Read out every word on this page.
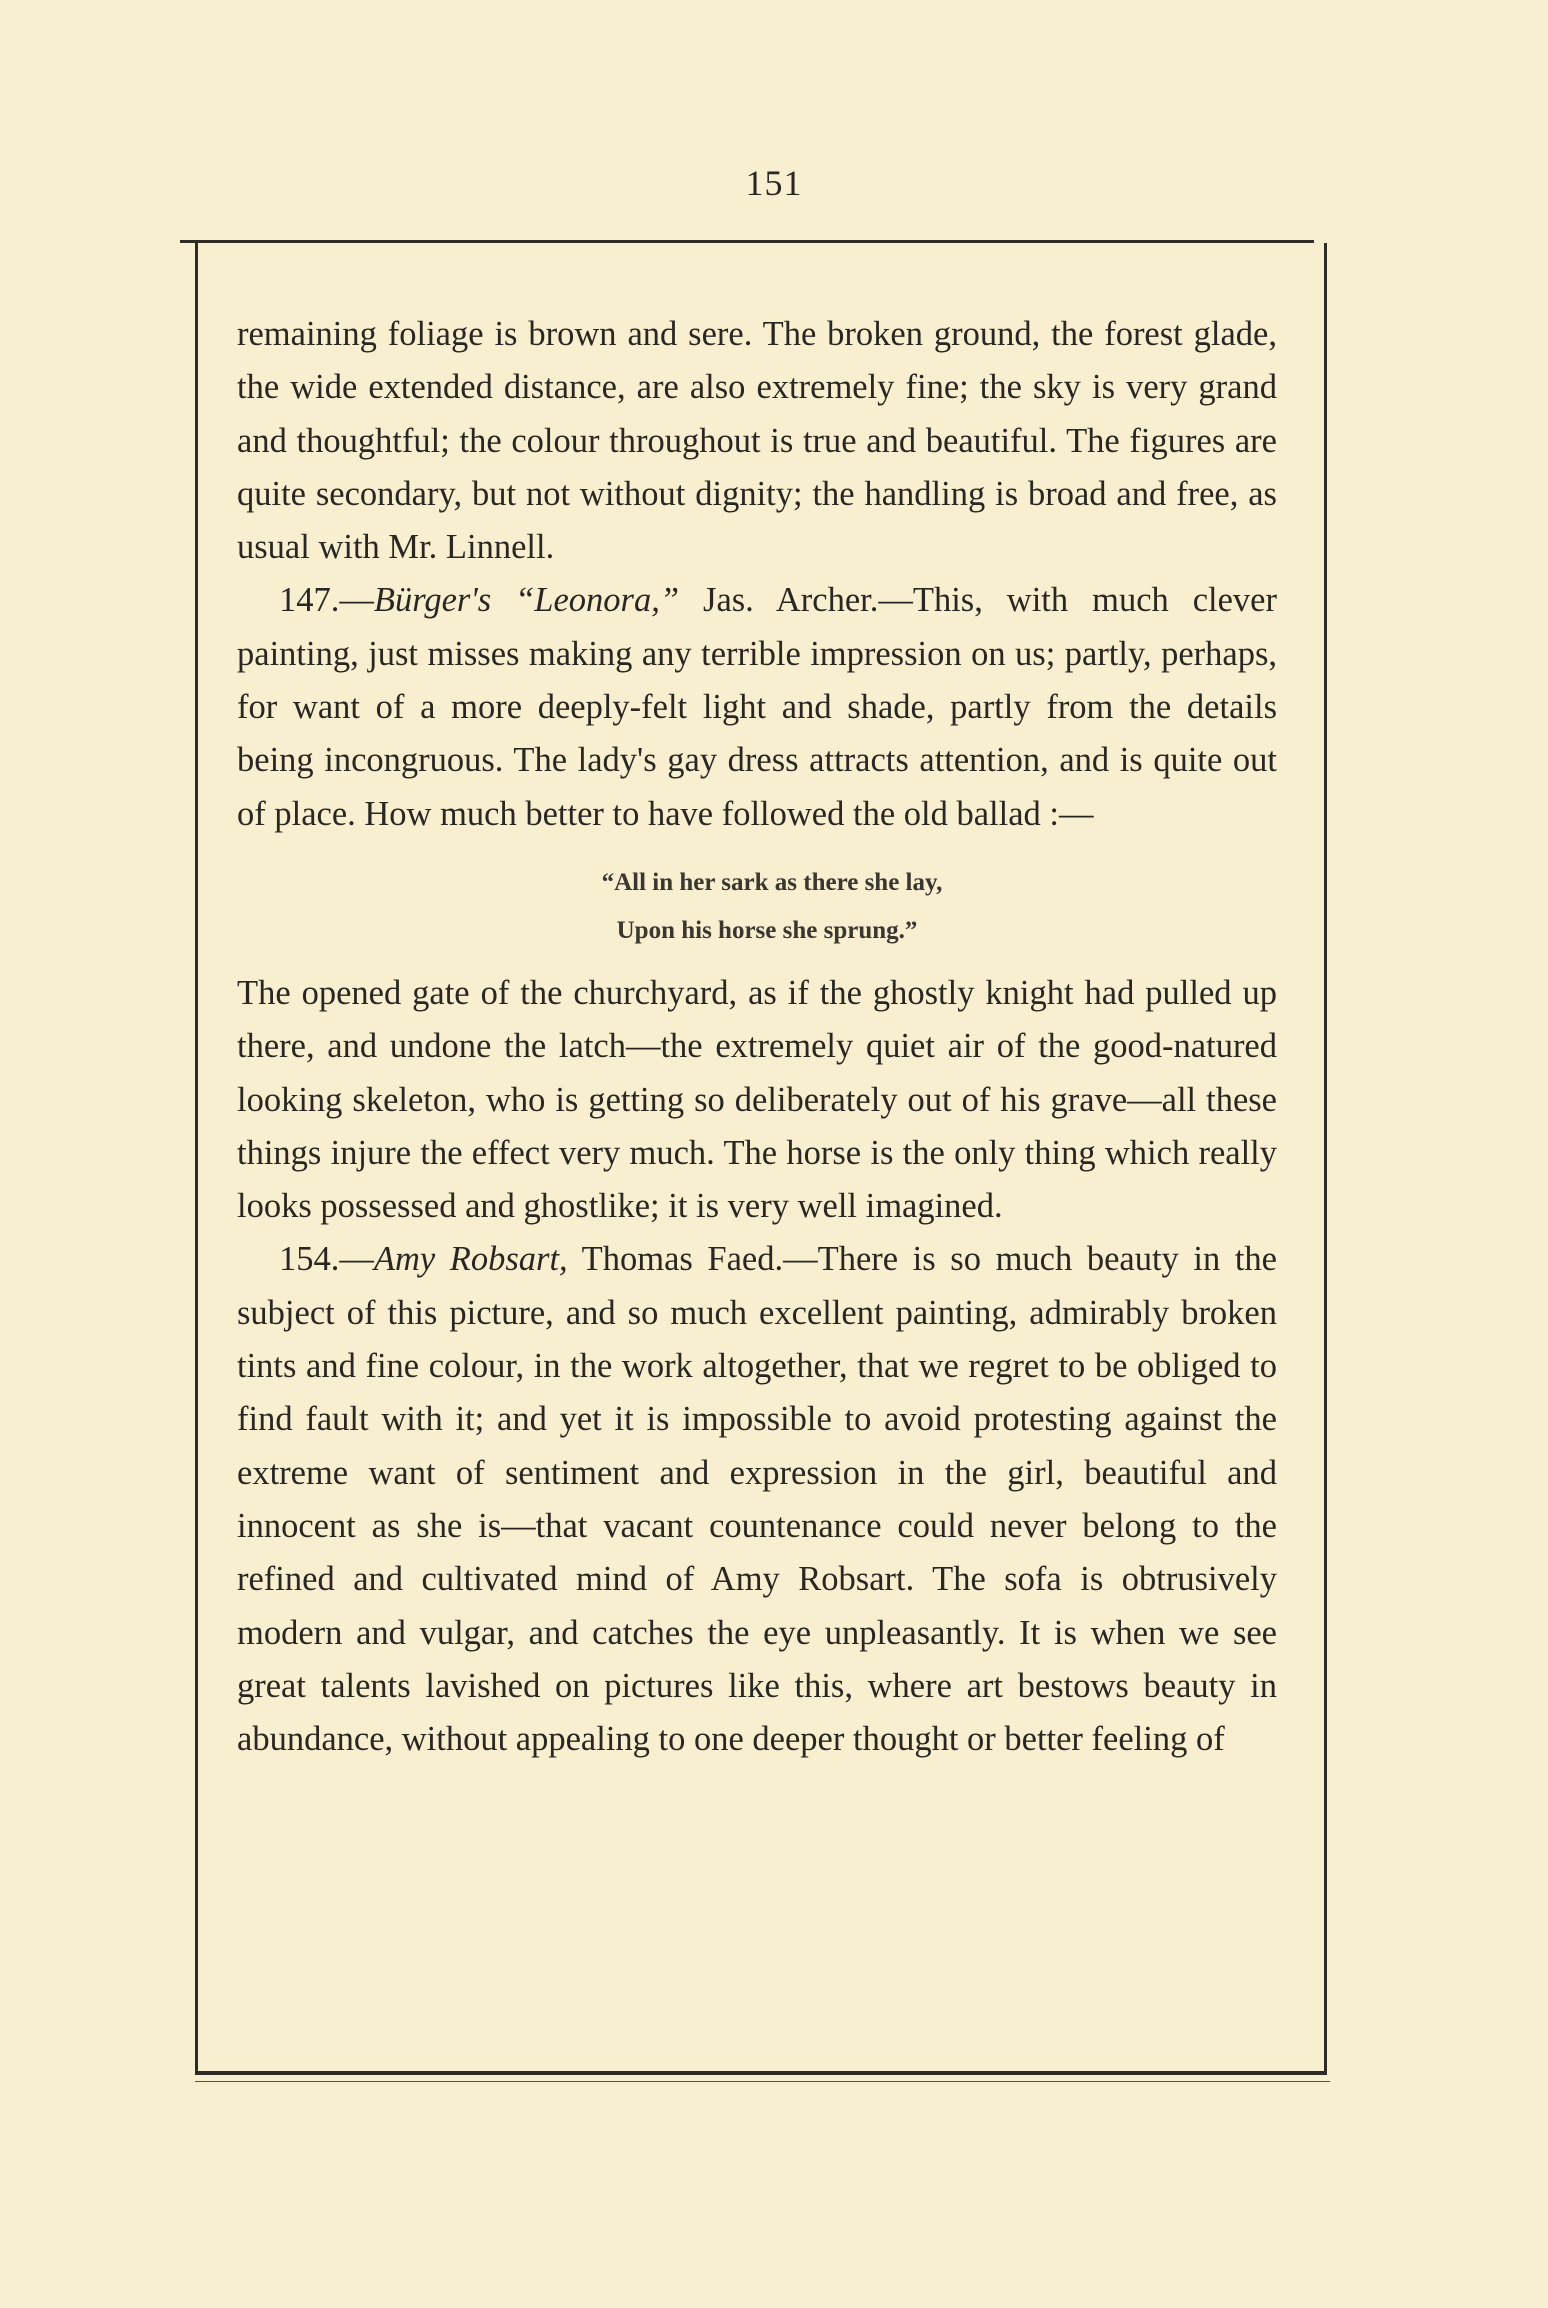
151

remaining foliage is brown and sere. The broken ground, the forest glade, the wide extended distance, are also extremely fine; the sky is very grand and thoughtful; the colour throughout is true and beautiful. The figures are quite secondary, but not without dignity; the handling is broad and free, as usual with Mr. Linnell.

147.—Bürger's “Leonora,” Jas. Archer.—This, with much clever painting, just misses making any terrible impression on us; partly, perhaps, for want of a more deeply-felt light and shade, partly from the details being incongruous. The lady's gay dress attracts attention, and is quite out of place. How much better to have followed the old ballad :—

“All in her sark as there she lay,
Upon his horse she sprung.”

The opened gate of the churchyard, as if the ghostly knight had pulled up there, and undone the latch—the extremely quiet air of the good-natured looking skeleton, who is getting so deliberately out of his grave—all these things injure the effect very much. The horse is the only thing which really looks possessed and ghostlike; it is very well imagined.

154.—Amy Robsart, Thomas Faed.—There is so much beauty in the subject of this picture, and so much excellent painting, admirably broken tints and fine colour, in the work altogether, that we regret to be obliged to find fault with it; and yet it is impossible to avoid protesting against the extreme want of sentiment and expression in the girl, beautiful and innocent as she is—that vacant countenance could never belong to the refined and cultivated mind of Amy Robsart. The sofa is obtrusively modern and vulgar, and catches the eye unpleasantly. It is when we see great talents lavished on pictures like this, where art bestows beauty in abundance, without appealing to one deeper thought or better feeling of
